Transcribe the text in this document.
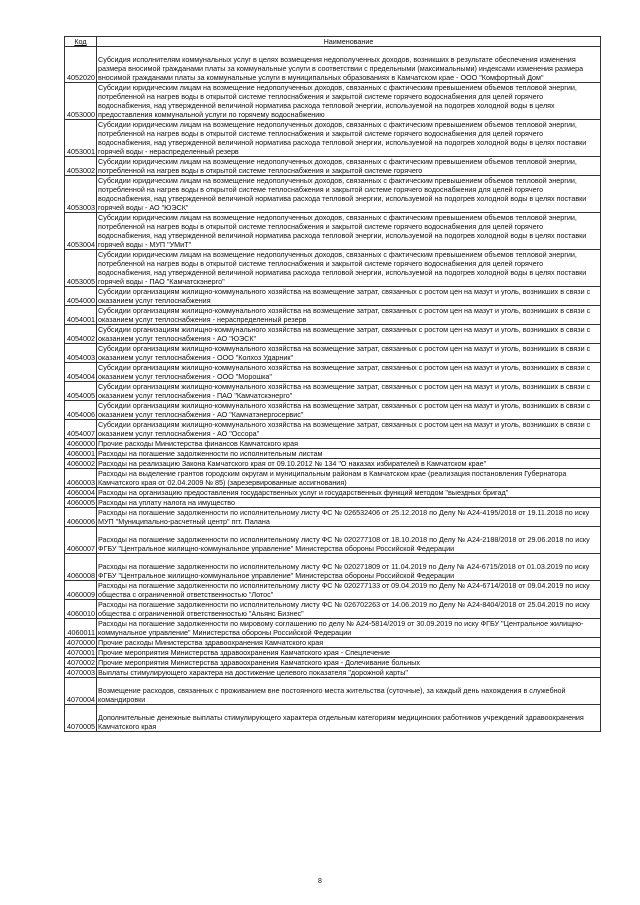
Код	Наименование
4052020	Субсидия исполнителям коммунальных услуг в целях возмещения недополученных доходов, возникших в результате обеспечения изменения размера вносимой гражданами платы за коммунальные услуги в соответствии с предельными (максимальными) индексами изменения размера вносимой гражданами платы за коммунальные услуги в муниципальных образованиях в Камчатском крае - ООО "Комфортный Дом"
4053000	Субсидии юридическим лицам на возмещение недополученных доходов, связанных с фактическим превышением объемов тепловой энергии, потребленной на нагрев воды в открытой системе теплоснабжения и закрытой системе горячего водоснабжения для целей горячего водоснабжения, над утвержденной величиной норматива расхода тепловой энергии, используемой на подогрев холодной воды в целях предоставления коммунальной услуги по горячему водоснабжению
4053001	Субсидии юридическим лицам на возмещение недополученных доходов, связанных с фактическим превышением объемов тепловой энергии, потребленной на нагрев воды в открытой системе теплоснабжения и закрытой системе горячего водоснабжения для целей горячего водоснабжения, над утвержденной величиной норматива расхода тепловой энергии, используемой на подогрев холодной воды в целях поставки горячей воды - нераспределенный резерв
4053002	Субсидии юридическим лицам на возмещение недополученных доходов, связанных с фактическим превышением объемов тепловой энергии, потребленной на нагрев воды в открытой системе теплоснабжения и закрытой системе горячего
4053003	Субсидии юридическим лицам на возмещение недополученных доходов, связанных с фактическим превышением объемов тепловой энергии, потребленной на нагрев воды в открытой системе теплоснабжения и закрытой системе горячего водоснабжения для целей горячего водоснабжения, над утвержденной величиной норматива расхода тепловой энергии, используемой на подогрев холодной воды в целях поставки горячей воды - АО "ЮЭСК"
4053004	Субсидии юридическим лицам на возмещение недополученных доходов, связанных с фактическим превышением объемов тепловой энергии, потребленной на нагрев воды в открытой системе теплоснабжения и закрытой системе горячего водоснабжения для целей горячего водоснабжения, над утвержденной величиной норматива расхода тепловой энергии, используемой на подогрев холодной воды в целях поставки горячей воды - МУП "УМиТ"
4053005	Субсидии юридическим лицам на возмещение недополученных доходов, связанных с фактическим превышением объемов тепловой энергии, потребленной на нагрев воды в открытой системе теплоснабжения и закрытой системе горячего водоснабжения для целей горячего водоснабжения, над утвержденной величиной норматива расхода тепловой энергии, используемой на подогрев холодной воды в целях поставки горячей воды - ПАО "Камчатскэнерго"
4054000	Субсидии организациям жилищно-коммунального хозяйства на возмещение затрат, связанных с ростом цен на мазут и уголь, возникших в связи с оказанием услуг теплоснабжения
4054001	Субсидии организациям жилищно-коммунального хозяйства на возмещение затрат, связанных с ростом цен на мазут и уголь, возникших в связи с оказанием услуг теплоснабжения - нераспределенный резерв
4054002	Субсидии организациям жилищно-коммунального хозяйства на возмещение затрат, связанных с ростом цен на мазут и уголь, возникших в связи с оказанием услуг теплоснабжения - АО "ЮЭСК"
4054003	Субсидии организациям жилищно-коммунального хозяйства на возмещение затрат, связанных с ростом цен на мазут и уголь, возникших в связи с оказанием услуг теплоснабжения - ООО "Колхоз Ударник"
4054004	Субсидии организациям жилищно-коммунального хозяйства на возмещение затрат, связанных с ростом цен на мазут и уголь, возникших в связи с оказанием услуг теплоснабжения - ООО "Морошка"
4054005	Субсидии организациям жилищно-коммунального хозяйства на возмещение затрат, связанных с ростом цен на мазут и уголь, возникших в связи с оказанием услуг теплоснабжения - ПАО "Камчатскэнерго"
4054006	Субсидии организациям жилищно-коммунального хозяйства на возмещение затрат, связанных с ростом цен на мазут и уголь, возникших в связи с оказанием услуг теплоснабжения - АО "Камчатэнергосервис"
4054007	Субсидии организациям жилищно-коммунального хозяйства на возмещение затрат, связанных с ростом цен на мазут и уголь, возникших в связи с оказанием услуг теплоснабжения - АО "Оссора"
4060000	Прочие расходы Министерства финансов Камчатского края
4060001	Расходы на погашение задолженности по исполнительным листам
4060002	Расходы на реализацию Закона Камчатского края от 09.10.2012 № 134 "О наказах избирателей в Камчатском крае"
4060003	Расходы на выделение грантов городским округам и муниципальным районам в Камчатском крае (реализация постановления Губернатора Камчатского края от 02.04.2009 № 85) (зарезервированные ассигнования)
4060004	Расходы на организацию предоставления государственных услуг и государственных функций методом "выездных бригад"
4060005	Расходы на уплату налога на имущество
4060006	Расходы на погашение задолженности по исполнительному листу ФС № 026532406 от 25.12.2018 по Делу № А24-4195/2018 от 19.11.2018 по иску МУП "Муниципально-расчетный центр" пгт. Палана
4060007	Расходы на погашение задолженности по исполнительному листу ФС № 020277108 от 18.10.2018 по Делу № А24-2188/2018 от 29.06.2018 по иску ФГБУ "Центральное жилищно-коммунальное управление" Министерства обороны Российской Федерации
4060008	Расходы на погашение задолженности по исполнительному листу ФС № 020271809 от 11.04.2019 по Делу № А24-6715/2018 от 01.03.2019 по иску ФГБУ "Центральное жилищно-коммунальное управление" Министерства обороны Российской Федерации
4060009	Расходы на погашение задолженности по исполнительному листу ФС № 020277133 от 09.04.2019 по Делу № А24-6714/2018 от 09.04.2019 по иску общества с ограниченной ответственностью "Лотос"
4060010	Расходы на погашение задолженности по исполнительному листу ФС № 026702263 от 14.06.2019 по Делу № А24-8404/2018 от 25.04.2019 по иску общества с ограниченной ответственностью "Альянс Бизнес"
4060011	Расходы на погашение задолженности по мировому соглашению по делу № А24-5814/2019 от 30.09.2019 по иску ФГБУ "Центральное жилищно-коммунальное управление" Министерства обороны Российской Федерации
4070000	Прочие расходы Министерства здравоохранения Камчатского края
4070001	Прочие мероприятия Министерства здравоохранения Камчатского края - Спецлечение
4070002	Прочие мероприятия Министерства здравоохранения Камчатского края - Долечивание больных
4070003	Выплаты стимулирующего характера на достижение целевого показателя "дорожной карты"
4070004	Возмещение расходов, связанных с проживанием вне постоянного места жительства (суточные), за каждый день нахождения в служебной командировки
4070005	Дополнительные денежные выплаты стимулирующего характера отдельным категориям медицинских работников учреждений здравоохранения Камчатского края
8
